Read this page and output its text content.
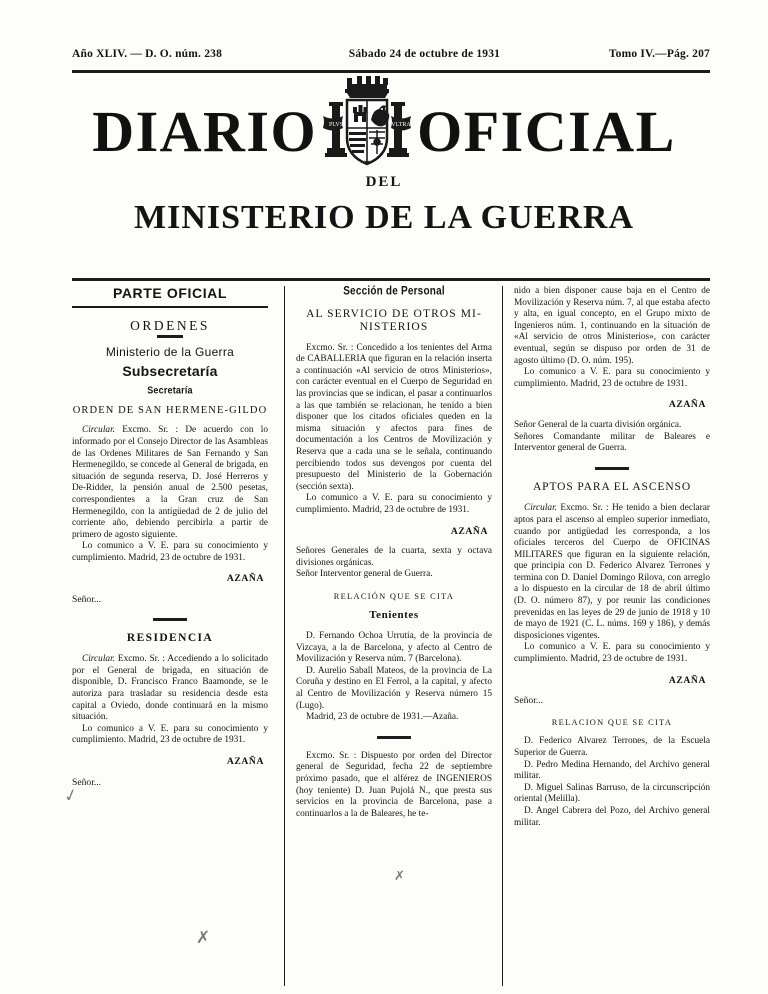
Año XLIV. — D. O. núm. 238	Sábado 24 de octubre de 1931	Tomo IV.—Pág. 207
DIARIO PLVS	VLTRA OFICIAL
DEL
MINISTERIO DE LA GUERRA
PARTE OFICIAL
ORDENES
Ministerio de la Guerra
Subsecretaría
Secretaría
ORDEN DE SAN HERMENE-GILDO

Circular. Excmo. Sr. : De acuerdo con lo informado por el Consejo Director de las Asambleas de las Ordenes Militares de San Fernando y San Hermenegildo, se concede al General de brigada, en situación de segunda reserva, D. José Herreros y De-Ridder, la pensión anual de 2.500 pesetas, correspondientes a la Gran cruz de San Hermenegildo, con la antigüedad de 2 de julio del corriente año, debiendo percibirla a partir de primero de agosto siguiente.

Lo comunico a V. E. para su conocimiento y cumplimiento. Madrid, 23 de octubre de 1931.

AZAÑA
Señor...
RESIDENCIA

Circular. Excmo. Sr. : Accediendo a lo solicitado por el General de brigada, en situación de disponible, D. Francisco Franco Baamonde, se le autoriza para trasladar su residencia desde esta capital a Oviedo, donde continuará en la mismo situación.

Lo comunico a V. E. para su conocimiento y cumplimiento. Madrid, 23 de octubre de 1931.

AZAÑA
Señor...
Sección de Personal
AL SERVICIO DE OTROS MI-NISTERIOS

Excmo. Sr. : Concedido a los tenientes del Arma de CABALLERIA que figuran en la relación inserta a continuación «Al servicio de otros Ministerios», con carácter eventual en el Cuerpo de Seguridad en las provincias que se indican, el pasar a continuarlos a las que también se relacionan, he tenido a bien disponer que los citados oficiales queden en la misma situación y afectos para fines de documentación a los Centros de Movilización y Reserva que a cada una se le señala, continuando percibiendo todos sus devengos por cuenta del presupuesto del Ministerio de la Gobernación (sección sexta).

Lo comunico a V. E. para su conocimiento y cumplimiento. Madrid, 23 de octubre de 1931.

AZAÑA

Señores Generales de la cuarta, sexta y octava divisiones orgánicas.

Señor Interventor general de Guerra.

RELACIÓN QUE SE CITA
Tenientes

D. Fernando Ochoa Urrutia, de la provincia de Vizcaya, a la de Barcelona, y afecto al Centro de Movilización y Reserva núm. 7 (Barcelona).

D. Aurelio Saball Mateos, de la provincia de La Coruña y destino en El Ferrol, a la capital, y afecto al Centro de Movilización y Reserva número 15 (Lugo).

Madrid, 23 de octubre de 1931.—Azaña.

Excmo. Sr. : Dispuesto por orden del Director general de Seguridad, fecha 22 de septiembre próximo pasado, que el alférez de INGENIEROS (hoy teniente) D. Juan Pujolá N., que presta sus servicios en la provincia de Barcelona, pase a continuarlos a la de Baleares, he te-

nido a bien disponer cause baja en el Centro de Movilización y Reserva núm. 7, al que estaba afecto y alta, en igual concepto, en el Grupo mixto de Ingenieros núm. 1, continuando en la situación de «Al servicio de otros Ministerios», con carácter eventual, según se dispuso por orden de 31 de agosto último (D. O. núm. 195).

Lo comunico a V. E. para su conocimiento y cumplimiento. Madrid, 23 de octubre de 1931.

AZAÑA

Señor General de la cuarta división orgánica.

Señores Comandante militar de Baleares e Interventor general de Guerra.

APTOS PARA EL ASCENSO

Circular. Excmo. Sr. : He tenido a bien declarar aptos para el ascenso al empleo superior inmediato, cuando por antigüedad les corresponda, a los oficiales terceros del Cuerpo de OFICINAS MILITARES que figuran en la siguiente relación, que principia con D. Federico Alvarez Terrones y termina con D. Daniel Domingo Rilova, con arreglo a lo dispuesto en la circular de 18 de abril último (D. O. número 87), y por reunir las condiciones prevenidas en las leyes de 29 de junio de 1918 y 10 de mayo de 1921 (C. L. núms. 169 y 186), y demás disposiciones vigentes.

Lo comunico a V. E. para su conocimiento y cumplimiento. Madrid, 23 de octubre de 1931.

AZAÑA
Señor...
RELACION QUE SE CITA

D. Federico Alvarez Terrones, de la Escuela Superior de Guerra.

D. Pedro Medina Hernando, del Archivo general militar.

D. Miguel Salinas Barruso, de la circunscripción oriental (Melilla).

D. Angel Cabrera del Pozo, del Archivo general militar.

✓
✗
✗
